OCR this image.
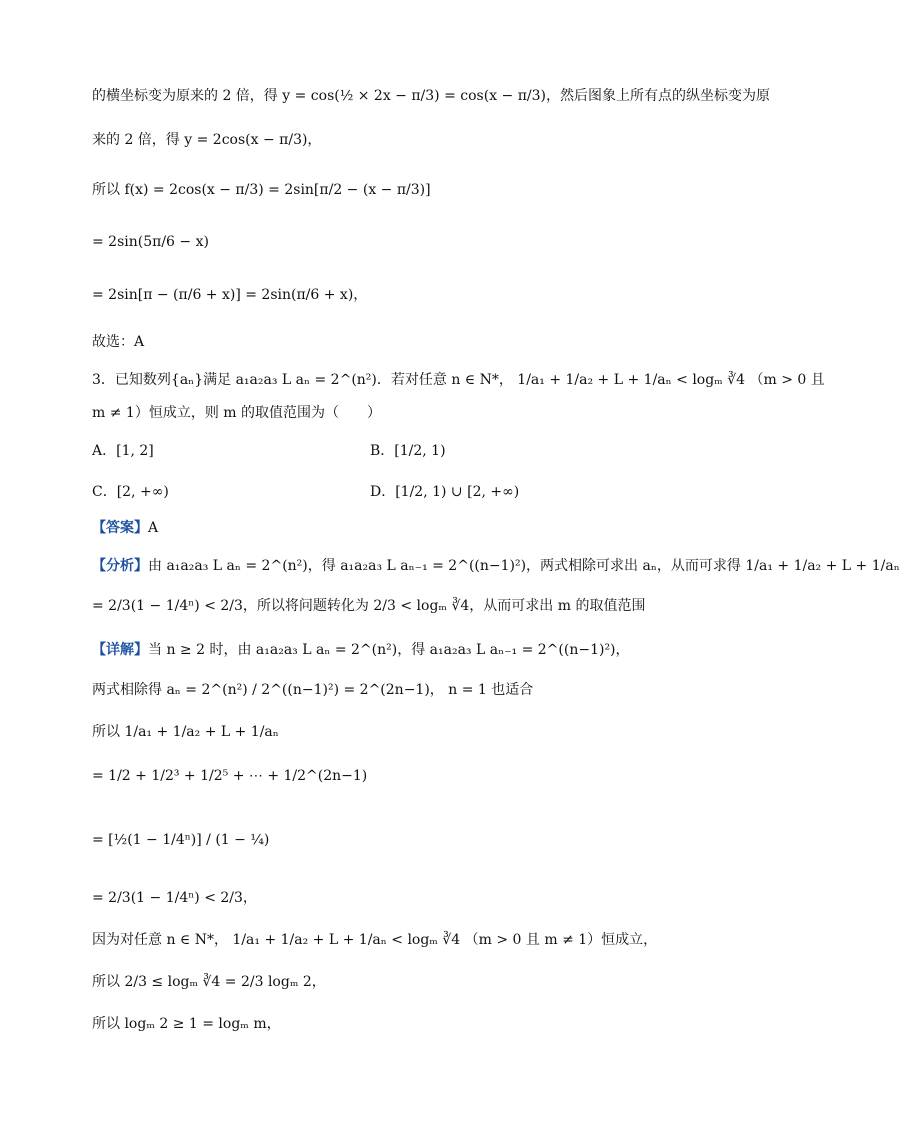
的横坐标变为原来的 2 倍，得 y = cos(½ × 2x − π/3) = cos(x − π/3)，然后图象上所有点的纵坐标变为原
来的 2 倍，得 y = 2cos(x − π/3)，
所以 f(x) = 2cos(x − π/3) = 2sin[π/2 − (x − π/3)]
= 2sin(5π/6 − x)
= 2sin[π − (π/6 + x)] = 2sin(π/6 + x)，
故选：A
3．已知数列{aₙ}满足 a₁a₂a₃ L aₙ = 2^(n²)．若对任意 n ∈ N*， 1/a₁ + 1/a₂ + L + 1/aₙ < logₘ ∛4 （m > 0 且
m ≠ 1）恒成立，则 m 的取值范围为（　　）
A．[1, 2]	B．[1/2, 1)
C．[2, +∞)	D．[1/2, 1) ∪ [2, +∞)
【答案】A
【分析】由 a₁a₂a₃ L aₙ = 2^(n²)，得 a₁a₂a₃ L aₙ₋₁ = 2^((n−1)²)，两式相除可求出 aₙ，从而可求得 1/a₁ + 1/a₂ + L + 1/aₙ
= 2/3(1 − 1/4ⁿ) < 2/3，所以将问题转化为 2/3 < logₘ ∛4，从而可求出 m 的取值范围
【详解】当 n ≥ 2 时，由 a₁a₂a₃ L aₙ = 2^(n²)，得 a₁a₂a₃ L aₙ₋₁ = 2^((n−1)²)，
两式相除得 aₙ = 2^(n²) / 2^((n−1)²) = 2^(2n−1)， n = 1 也适合
所以 1/a₁ + 1/a₂ + L + 1/aₙ
= 1/2 + 1/2³ + 1/2⁵ + ⋯ + 1/2^(2n−1)
= [½(1 − 1/4ⁿ)] / (1 − ¼)
= 2/3(1 − 1/4ⁿ) < 2/3，
因为对任意 n ∈ N*， 1/a₁ + 1/a₂ + L + 1/aₙ < logₘ ∛4 （m > 0 且 m ≠ 1）恒成立，
所以 2/3 ≤ logₘ ∛4 = 2/3 logₘ 2，
所以 logₘ 2 ≥ 1 = logₘ m，
